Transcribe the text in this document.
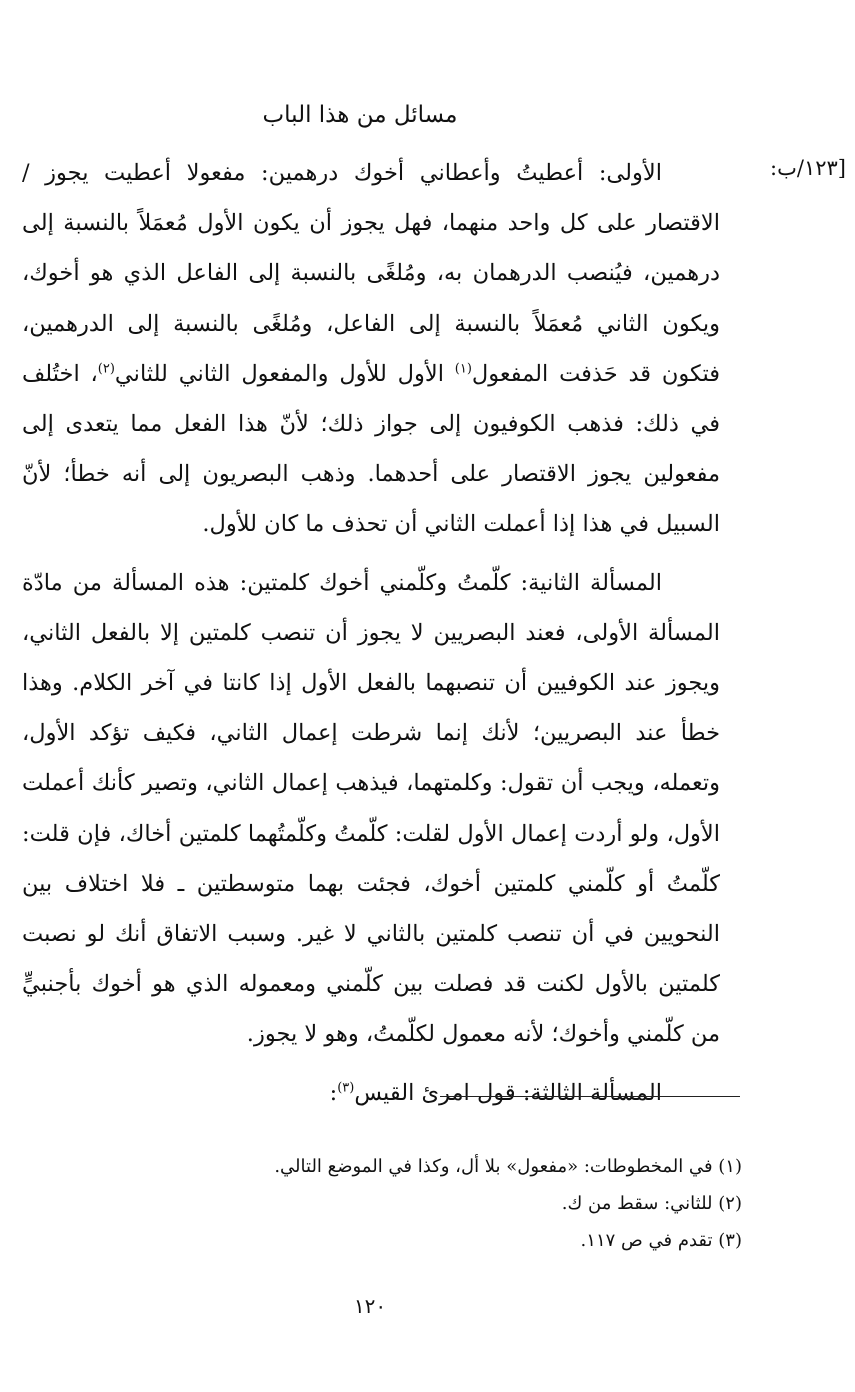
مسائل من هذا الباب
:١٢٣/ب]

الأولى: أعطيتُ وأعطاني أخوك درهمين: مفعولا أعطيت يجوز /الاقتصار على كل واحد منهما، فهل يجوز أن يكون الأول مُعمَلاً بالنسبة إلى درهمين، فيُنصب الدرهمان به، ومُلغًى بالنسبة إلى الفاعل الذي هو أخوك، ويكون الثاني مُعمَلاً بالنسبة إلى الفاعل، ومُلغًى بالنسبة إلى الدرهمين، فتكون قد حَذفت المفعول$^{(١)}$ الأول للأول والمفعول الثاني للثاني$^{(٢)}$، اختُلف في ذلك: فذهب الكوفيون إلى جواز ذلك؛ لأنّ هذا الفعل مما يتعدى إلى مفعولين يجوز الاقتصار على أحدهما. وذهب البصريون إلى أنه خطأ؛ لأنّ السبيل في هذا إذا أعملت الثاني أن تحذف ما كان للأول.

المسألة الثانية: كلّمتُ وكلّمني أخوك كلمتين: هذه المسألة من مادّة المسألة الأولى، فعند البصريين لا يجوز أن تنصب كلمتين إلا بالفعل الثاني، ويجوز عند الكوفيين أن تنصبهما بالفعل الأول إذا كانتا في آخر الكلام. وهذا خطأ عند البصريين؛ لأنك إنما شرطت إعمال الثاني، فكيف تؤكد الأول، وتعمله، ويجب أن تقول: وكلمتهما، فيذهب إعمال الثاني، وتصير كأنك أعملت الأول، ولو أردت إعمال الأول لقلت: كلّمتُ وكلّمتُهما كلمتين أخاك، فإن قلت: كلّمتُ أو كلّمني كلمتين أخوك، فجئت بهما متوسطتين ـ فلا اختلاف بين النحويين في أن تنصب كلمتين بالثاني لا غير. وسبب الاتفاق أنك لو نصبت كلمتين بالأول لكنت قد فصلت بين كلّمني ومعموله الذي هو أخوك بأجنبيٍّ من كلّمني وأخوك؛ لأنه معمول لكلّمتُ، وهو لا يجوز.

المسألة الثالثة: قول امرئ القيس$^{(٣)}$:

(١) في المخطوطات: «مفعول» بلا أل، وكذا في الموضع التالي.
(٢) للثاني: سقط من ك.
(٣) تقدم في ص ١١٧.
١٢٠
